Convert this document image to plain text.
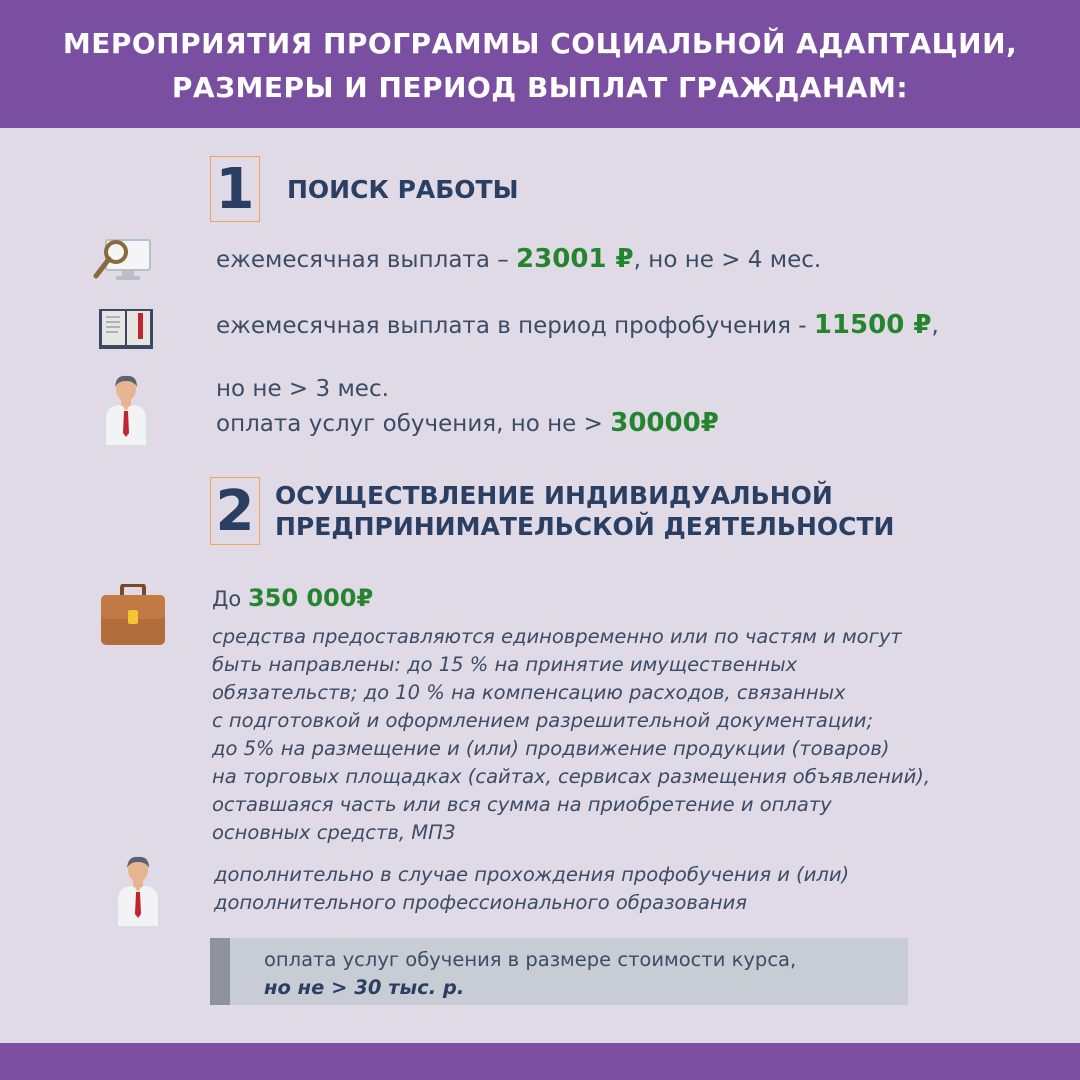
МЕРОПРИЯТИЯ ПРОГРАММЫ СОЦИАЛЬНОЙ АДАПТАЦИИ,
РАЗМЕРЫ И ПЕРИОД ВЫПЛАТ ГРАЖДАНАМ:
1 ПОИСК РАБОТЫ
ежемесячная выплата – 23001 ₽, но не > 4 мес.
ежемесячная выплата в период профобучения - 11500 ₽,
но не > 3 мес.
оплата услуг обучения, но не > 30000₽
2 ОСУЩЕСТВЛЕНИЕ ИНДИВИДУАЛЬНОЙ
ПРЕДПРИНИМАТЕЛЬСКОЙ ДЕЯТЕЛЬНОСТИ
До 350 000₽
средства предоставляются единовременно или по частям и могут
быть направлены: до 15 % на принятие имущественных
обязательств; до 10 % на компенсацию расходов, связанных
с подготовкой и оформлением разрешительной документации;
до 5% на размещение и (или) продвижение продукции (товаров)
на торговых площадках (сайтах, сервисах размещения объявлений),
оставшаяся часть или вся сумма на приобретение и оплату
основных средств, МПЗ
дополнительно в случае прохождения профобучения и (или)
дополнительного профессионального образования
оплата услуг обучения в размере стоимости курса,
но не > 30 тыс. р.
